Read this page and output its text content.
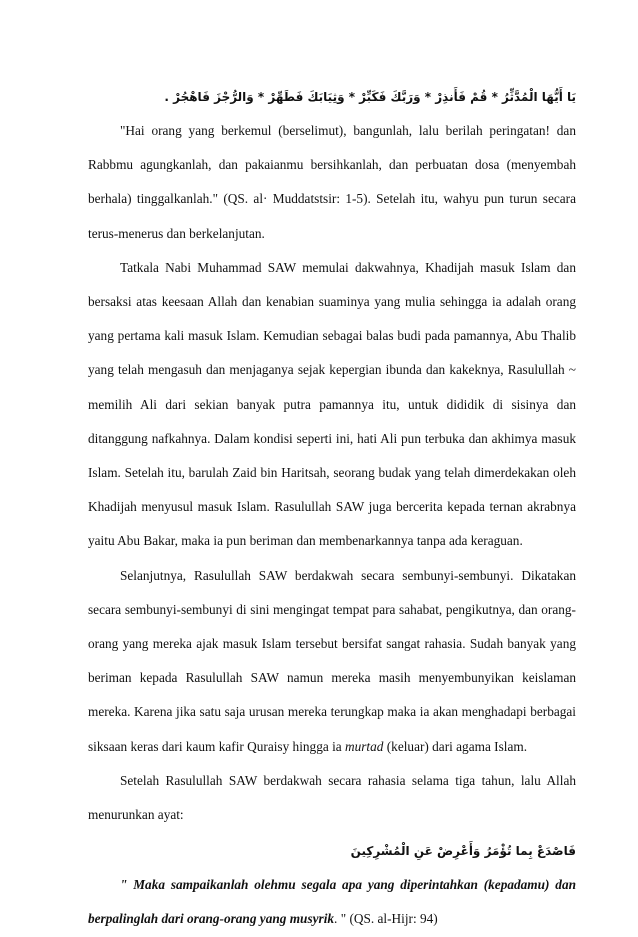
يَا أَيُّهَا الْمُدَّثِّرُ * قُمْ فَأَنذِرْ * وَرَبَّكَ فَكَبِّرْ * وَثِيَابَكَ فَطَهِّرْ * وَالرُّجْزَ فَاهْجُرْ .

"Hai orang yang berkemul (berselimut), bangunlah, lalu berilah peringatan! dan Rabbmu agungkanlah, dan pakaianmu bersihkanlah, dan perbuatan dosa (menyembah berhala) tinggalkanlah." (QS. al· Muddatstsir: 1-5). Setelah itu, wahyu pun turun secara terus-menerus dan berkelanjutan.

Tatkala Nabi Muhammad SAW memulai dakwahnya, Khadijah masuk Islam dan bersaksi atas keesaan Allah dan kenabian suaminya yang mulia sehingga ia adalah orang yang pertama kali masuk Islam. Kemudian sebagai balas budi pada pamannya, Abu Thalib yang telah mengasuh dan menjaganya sejak kepergian ibunda dan kakeknya, Rasulullah ~ memilih Ali dari sekian banyak putra pamannya itu, untuk dididik di sisinya dan ditanggung nafkahnya. Dalam kondisi seperti ini, hati Ali pun terbuka dan akhimya masuk Islam. Setelah itu, barulah Zaid bin Haritsah, seorang budak yang telah dimerdekakan oleh Khadijah menyusul masuk Islam. Rasulullah SAW juga bercerita kepada ternan akrabnya yaitu Abu Bakar, maka ia pun beriman dan membenarkannya tanpa ada keraguan.

Selanjutnya, Rasulullah SAW berdakwah secara sembunyi-sembunyi. Dikatakan secara sembunyi-sembunyi di sini mengingat tempat para sahabat, pengikutnya, dan orang-orang yang mereka ajak masuk Islam tersebut bersifat sangat rahasia. Sudah banyak yang beriman kepada Rasulullah SAW namun mereka masih menyembunyikan keislaman mereka. Karena jika satu saja urusan mereka terungkap maka ia akan menghadapi berbagai siksaan keras dari kaum kafir Quraisy hingga ia murtad (keluar) dari agama Islam.

Setelah Rasulullah SAW berdakwah secara rahasia selama tiga tahun, lalu Allah menurunkan ayat:

فَاصْدَعْ بِما تُؤْمَرُ وَأَعْرِضْ عَنِ الْمُشْرِكِينَ

" Maka sampaikanlah olehmu segala apa yang diperintahkan (kepadamu) dan berpalinglah dari orang-orang yang musyrik. " (QS. al-Hijr: 94)
